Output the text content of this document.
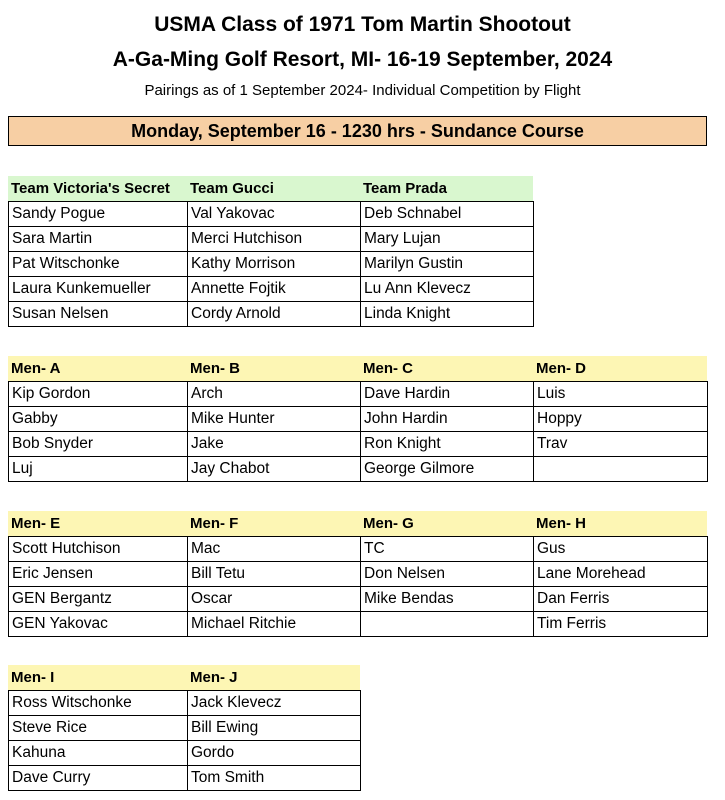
USMA Class of 1971 Tom Martin Shootout
A-Ga-Ming Golf Resort, MI- 16-19 September, 2024
Pairings as of 1 September 2024- Individual Competition by Flight
Monday, September 16 - 1230 hrs - Sundance Course
Team Victoria's Secret	Team Gucci	Team Prada
Sandy Pogue	Val Yakovac	Deb Schnabel
Sara Martin	Merci Hutchison	Mary Lujan
Pat Witschonke	Kathy Morrison	Marilyn Gustin
Laura Kunkemueller	Annette Fojtik	Lu Ann Klevecz
Susan Nelsen	Cordy Arnold	Linda Knight
Men- A	Men- B	Men- C	Men- D
Kip Gordon	Arch	Dave Hardin	Luis
Gabby	Mike Hunter	John Hardin	Hoppy
Bob Snyder	Jake	Ron Knight	Trav
Luj	Jay Chabot	George Gilmore	
Men- E	Men- F	Men- G	Men- H
Scott Hutchison	Mac	TC	Gus
Eric Jensen	Bill Tetu	Don Nelsen	Lane Morehead
GEN Bergantz	Oscar	Mike Bendas	Dan Ferris
GEN Yakovac	Michael Ritchie		Tim Ferris
Men- I	Men- J
Ross Witschonke	Jack Klevecz
Steve Rice	Bill Ewing
Kahuna	Gordo
Dave Curry	Tom Smith
